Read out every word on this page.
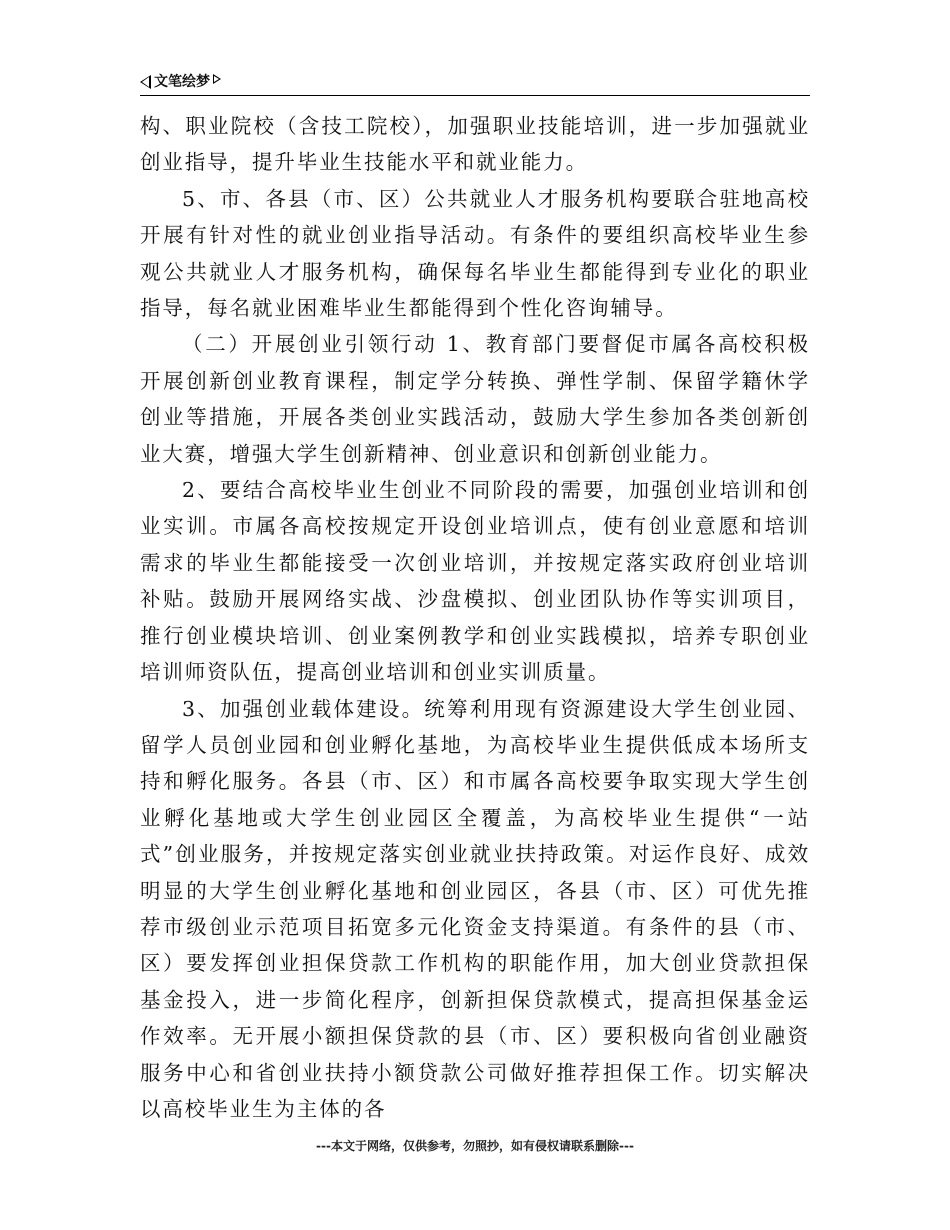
文笔绘梦

构、职业院校（含技工院校），加强职业技能培训，进一步加强就业创业指导，提升毕业生技能水平和就业能力。

5、市、各县（市、区）公共就业人才服务机构要联合驻地高校开展有针对性的就业创业指导活动。有条件的要组织高校毕业生参观公共就业人才服务机构，确保每名毕业生都能得到专业化的职业指导，每名就业困难毕业生都能得到个性化咨询辅导。

（二）开展创业引领行动 1、教育部门要督促市属各高校积极开展创新创业教育课程，制定学分转换、弹性学制、保留学籍休学创业等措施，开展各类创业实践活动，鼓励大学生参加各类创新创业大赛，增强大学生创新精神、创业意识和创新创业能力。

2、要结合高校毕业生创业不同阶段的需要，加强创业培训和创业实训。市属各高校按规定开设创业培训点，使有创业意愿和培训需求的毕业生都能接受一次创业培训，并按规定落实政府创业培训补贴。鼓励开展网络实战、沙盘模拟、创业团队协作等实训项目，推行创业模块培训、创业案例教学和创业实践模拟，培养专职创业培训师资队伍，提高创业培训和创业实训质量。

3、加强创业载体建设。统筹利用现有资源建设大学生创业园、留学人员创业园和创业孵化基地，为高校毕业生提供低成本场所支持和孵化服务。各县（市、区）和市属各高校要争取实现大学生创业孵化基地或大学生创业园区全覆盖，为高校毕业生提供“一站式”创业服务，并按规定落实创业就业扶持政策。对运作良好、成效明显的大学生创业孵化基地和创业园区，各县（市、区）可优先推荐市级创业示范项目拓宽多元化资金支持渠道。有条件的县（市、区）要发挥创业担保贷款工作机构的职能作用，加大创业贷款担保基金投入，进一步简化程序，创新担保贷款模式，提高担保基金运作效率。无开展小额担保贷款的县（市、区）要积极向省创业融资服务中心和省创业扶持小额贷款公司做好推荐担保工作。切实解决以高校毕业生为主体的各

---本文于网络，仅供参考，勿照抄，如有侵权请联系删除---
